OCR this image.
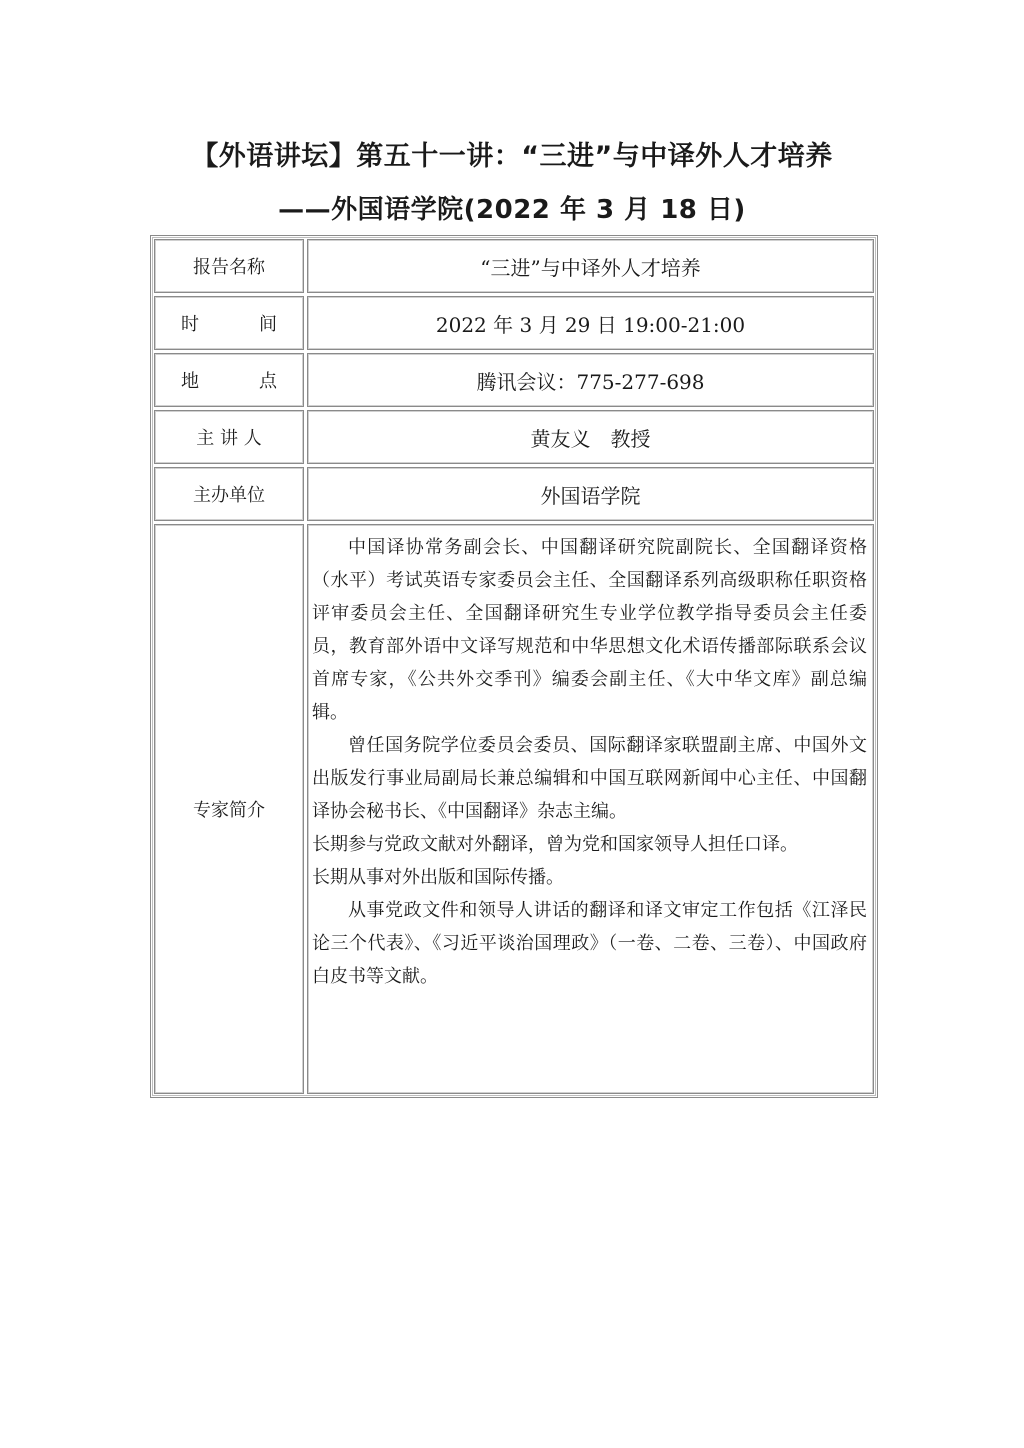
【外语讲坛】第五十一讲：“三进”与中译外人才培养
——外国语学院(2022 年 3 月 18 日)
报告名称	“三进”与中译外人才培养
时 间	2022 年 3 月 29 日 19:00-21:00
地 点	腾讯会议：775-277-698
主 讲 人	黄友义　教授
主办单位	外国语学院
专家简介	中国译协常务副会长、中国翻译研究院副院长、全国翻译资格（水平）考试英语专家委员会主任、全国翻译系列高级职称任职资格评审委员会主任、全国翻译研究生专业学位教学指导委员会主任委员，教育部外语中文译写规范和中华思想文化术语传播部际联系会议首席专家，《公共外交季刊》编委会副主任、《大中华文库》副总编辑。

曾任国务院学位委员会委员、国际翻译家联盟副主席、中国外文出版发行事业局副局长兼总编辑和中国互联网新闻中心主任、中国翻译协会秘书长、《中国翻译》杂志主编。

长期参与党政文献对外翻译，曾为党和国家领导人担任口译。

长期从事对外出版和国际传播。

从事党政文件和领导人讲话的翻译和译文审定工作包括《江泽民论三个代表》、《习近平谈治国理政》（一卷、二卷、三卷）、中国政府白皮书等文献。
